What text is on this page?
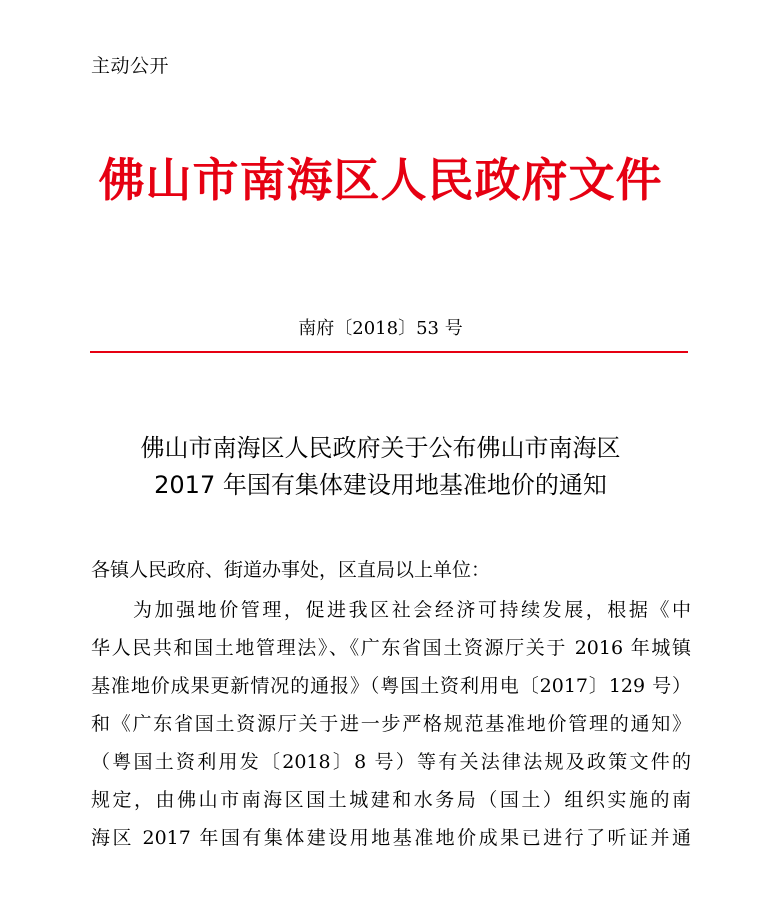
主动公开
佛山市南海区人民政府文件
南府〔2018〕53 号
佛山市南海区人民政府关于公布佛山市南海区
2017 年国有集体建设用地基准地价的通知
各镇人民政府、街道办事处，区直局以上单位：
为加强地价管理，促进我区社会经济可持续发展，根据《中
华人民共和国土地管理法》、《广东省国土资源厅关于 2016 年城镇
基准地价成果更新情况的通报》（粤国土资利用电〔2017〕129 号）
和《广东省国土资源厅关于进一步严格规范基准地价管理的通知》
（粤国土资利用发〔2018〕8 号）等有关法律法规及政策文件的
规定，由佛山市南海区国土城建和水务局（国土）组织实施的南
海区 2017 年国有集体建设用地基准地价成果已进行了听证并通
